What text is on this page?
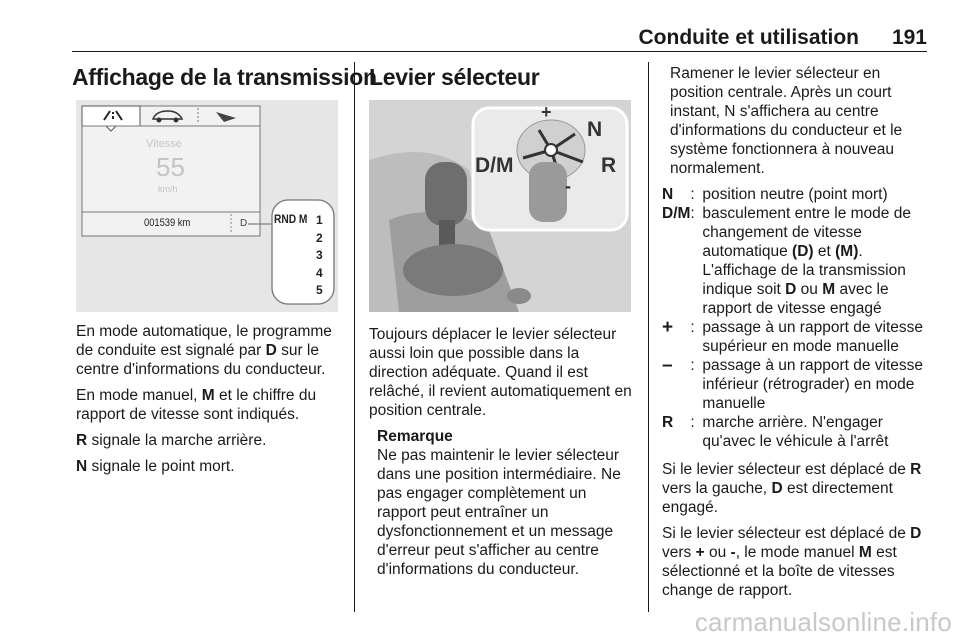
Conduite et utilisation 191
Affichage de la transmission
Vitesse
55
km/h
001539 km	D RND M 1
2
3
4
5

En mode automatique, le programme de conduite est signalé par D sur le centre d'informations du conducteur.

En mode manuel, M et le chiffre du rapport de vitesse sont indiqués.

R signale la marche arrière.

N signale le point mort.

Levier sélecteur
D/M
N
R
+
-

Toujours déplacer le levier sélecteur aussi loin que possible dans la direction adéquate. Quand il est relâché, il revient automatiquement en position centrale.

Remarque
Ne pas maintenir le levier sélecteur dans une position intermédiaire. Ne pas engager complètement un rapport peut entraîner un dysfonctionnement et un message d'erreur peut s'afficher au centre d'informations du conducteur.

Ramener le levier sélecteur en position centrale. Après un court instant, N s'affichera au centre d'informations du conducteur et le système fonctionnera à nouveau normalement.

N	:	position neutre (point mort)
D/M	:	basculement entre le mode de changement de vitesse automatique (D) et (M). L'affichage de la transmission indique soit D ou M avec le rapport de vitesse engagé
+	:	passage à un rapport de vitesse supérieur en mode manuelle
–	:	passage à un rapport de vitesse inférieur (rétrograder) en mode manuelle
R	:	marche arrière. N'engager qu'avec le véhicule à l'arrêt

Si le levier sélecteur est déplacé de R vers la gauche, D est directement engagé.

Si le levier sélecteur est déplacé de D vers + ou -, le mode manuel M est sélectionné et la boîte de vitesses change de rapport.

carmanualsonline.info
